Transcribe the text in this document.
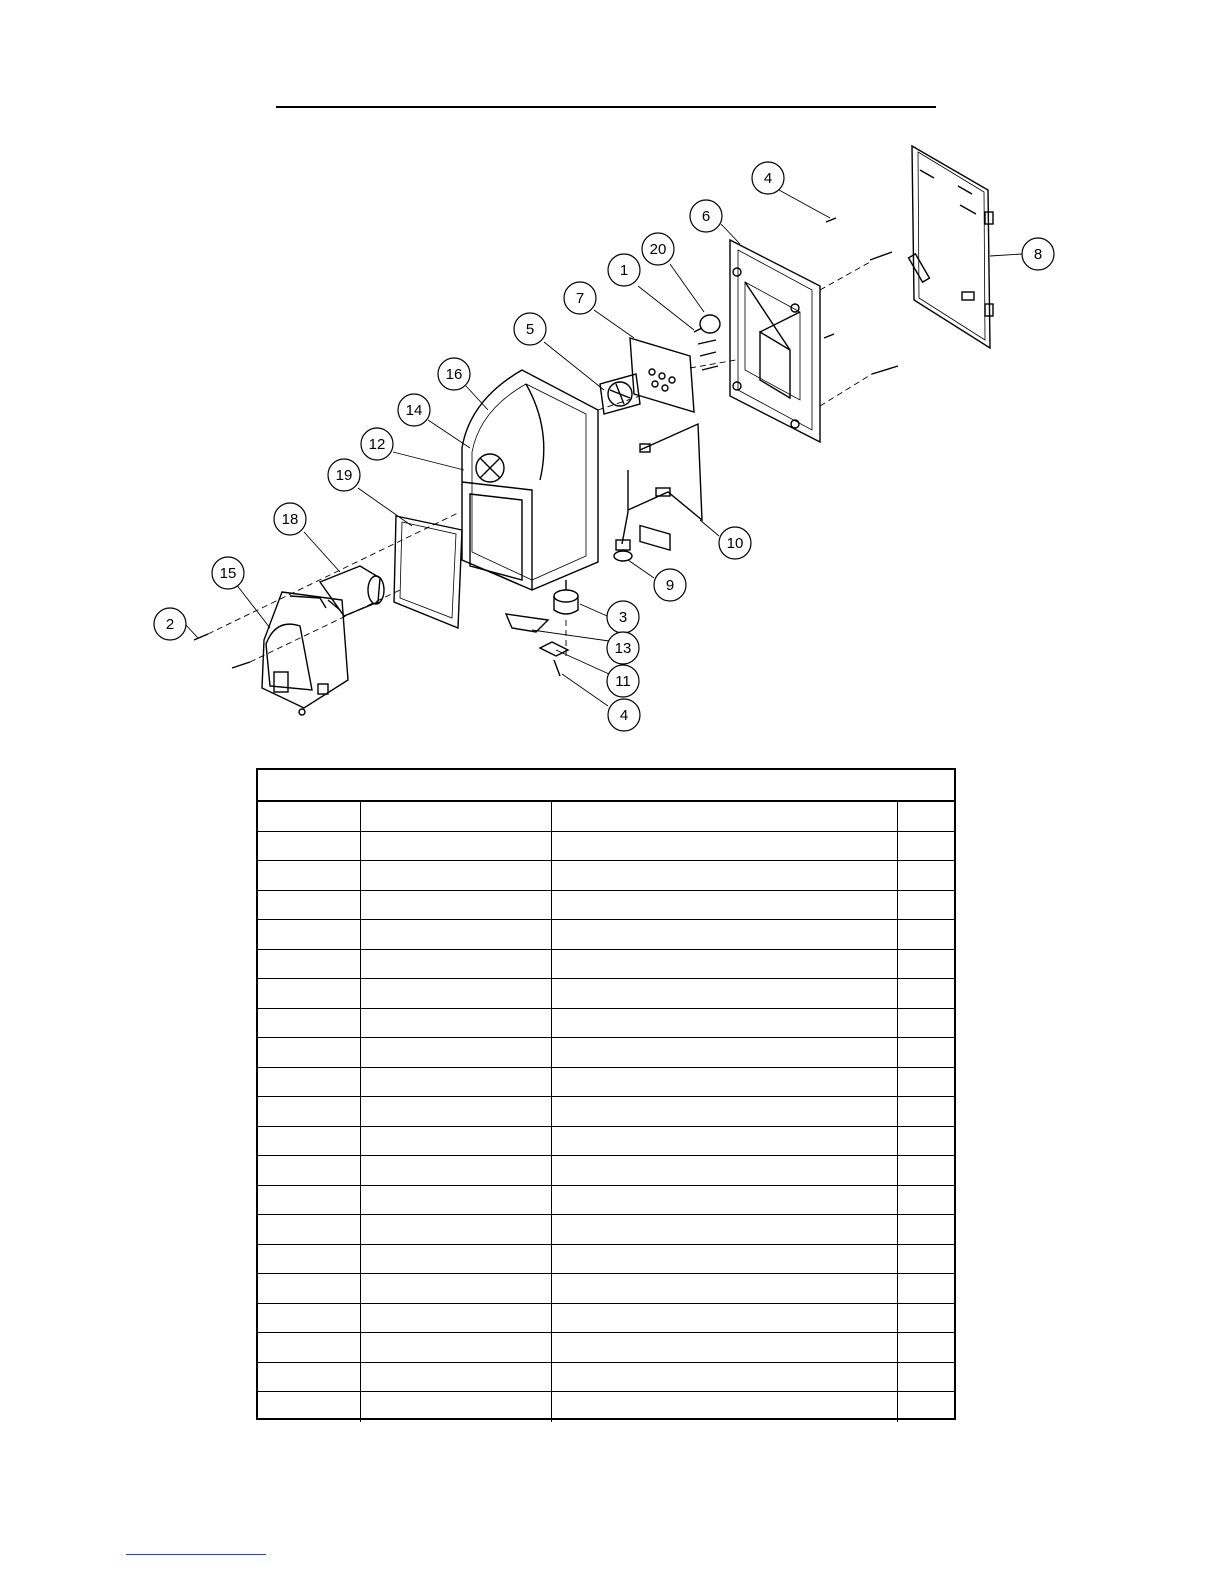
1
2	3
4
4
5
6
7
8
9
10
11
12
13
14
15
16
18
19
20
